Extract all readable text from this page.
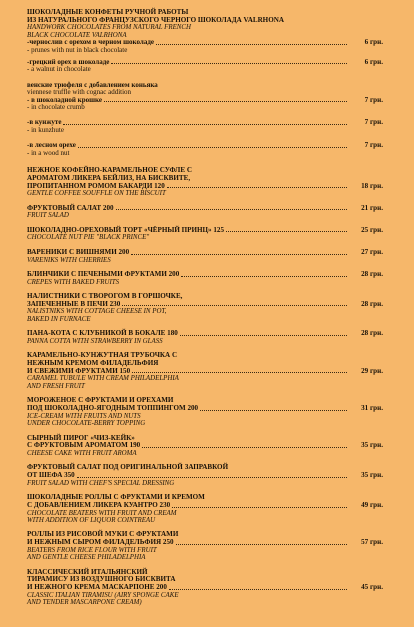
ШОКОЛАДНЫЕ КОНФЕТЫ РУЧНОЙ РАБОТЫ
ИЗ НАТУРАЛЬНОГО ФРАНЦУЗСКОГО ЧЕРНОГО ШОКОЛАДА VALRHONA
HANDWORK CHOCOLATES FROM NATURAL FRENCH
BLACK CHOCOLATE VALRHONA
-чернослив с орехом в черном шоколаде	6 грн.
- prunes with nut in black chocolate
-грецкий орех в шоколаде	6 грн.
- a walnut in chocolate
венские трюфеля с добавлением коньяка
viennese truffle with cognac addition
- в шоколадной крошке	7 грн.
- in chocolate crumb
-в кунжуте	7 грн.
- in kunzhute
-в лесном орехе	7 грн.
- in a wood nut
НЕЖНОЕ КОФЕЙНО-КАРАМЕЛЬНОЕ СУФЛЕ С
АРОМАТОМ ЛИКЕРА БЕЙЛИЗ, НА БИСКВИТЕ,
ПРОПИТАННОМ РОМОМ БАКАРДИ 120	18 грн.
GENTLE COFFEE SOUFFLE ON THE BISCUIT
ФРУКТОВЫЙ САЛАТ 200	21 грн.
FRUIT SALAD
ШОКОЛАДНО-ОРЕХОВЫЙ ТОРТ «ЧЁРНЫЙ ПРИНЦ» 125	25 грн.
CHOCOLATE NUT PIE "BLACK PRINCE"
ВАРЕНИКИ С ВИШНЯМИ 200	27 грн.
VARENIKS WITH CHERRIES
БЛИНЧИКИ С ПЕЧЕНЫМИ ФРУКТАМИ 200	28 грн.
CREPES WITH BAKED FRUITS
НАЛИСТНИКИ С ТВОРОГОМ В ГОРШОЧКЕ,
ЗАПЕЧЕННЫЕ В ПЕЧИ 230	28 грн.
NALISTNIKS WITH COTTAGE CHEESE IN POT,
BAKED IN FURNACE
ПАНА-КОТА С КЛУБНИКОЙ В БОКАЛЕ 180	28 грн.
PANNA COTTA WITH STRAWBERRY IN GLASS
КАРАМЕЛЬНО-КУНЖУТНАЯ ТРУБОЧКА С
НЕЖНЫМ КРЕМОМ ФИЛАДЕЛЬФИЯ
И СВЕЖИМИ ФРУКТАМИ 150	29 грн.
CARAMEL TUBULE WITH CREAM PHILADELPHIA
AND FRESH FRUIT
МОРОЖЕНОЕ С ФРУКТАМИ И ОРЕХАМИ
ПОД ШОКОЛАДНО-ЯГОДНЫМ ТОППИНГОМ 200	31 грн.
ICE-CREAM WITH FRUITS AND NUTS
UNDER CHOCOLATE-BERRY TOPPING
СЫРНЫЙ ПИРОГ «ЧИЗ-КЕЙК»
С ФРУКТОВЫМ АРОМАТОМ 190	35 грн.
CHEESE CAKE WITH FRUIT AROMA
ФРУКТОВЫЙ САЛАТ ПОД ОРИГИНАЛЬНОЙ ЗАПРАВКОЙ
ОТ ШЕФА 350	35 грн.
FRUIT SALAD WITH CHEF'S SPECIAL DRESSING
ШОКОЛАДНЫЕ РОЛЛЫ С ФРУКТАМИ И КРЕМОМ
С ДОБАВЛЕНИЕМ ЛИКЕРА КУАНТРО 230	49 грн.
CHOCOLATE BEATERS WITH FRUIT AND CREAM
WITH ADDITION OF LIQUOR COINTREAU
РОЛЛЫ ИЗ РИСОВОЙ МУКИ С ФРУКТАМИ
И НЕЖНЫМ СЫРОМ ФИЛАДЕЛЬФИЯ 250	57 грн.
BEATERS FROM RICE FLOUR WITH FRUIT
AND GENTLE CHEESE PHILADELPHIA
КЛАССИЧЕСКИЙ ИТАЛЬЯНСКИЙ
ТИРАМИСУ ИЗ ВОЗДУШНОГО БИСКВИТА
И НЕЖНОГО КРЕМА МАСКАРПОНЕ 200	45 грн.
CLASSIC ITALIAN TIRAMISU (AIRY SPONGE CAKE
AND TENDER MASCARPONE CREAM)
